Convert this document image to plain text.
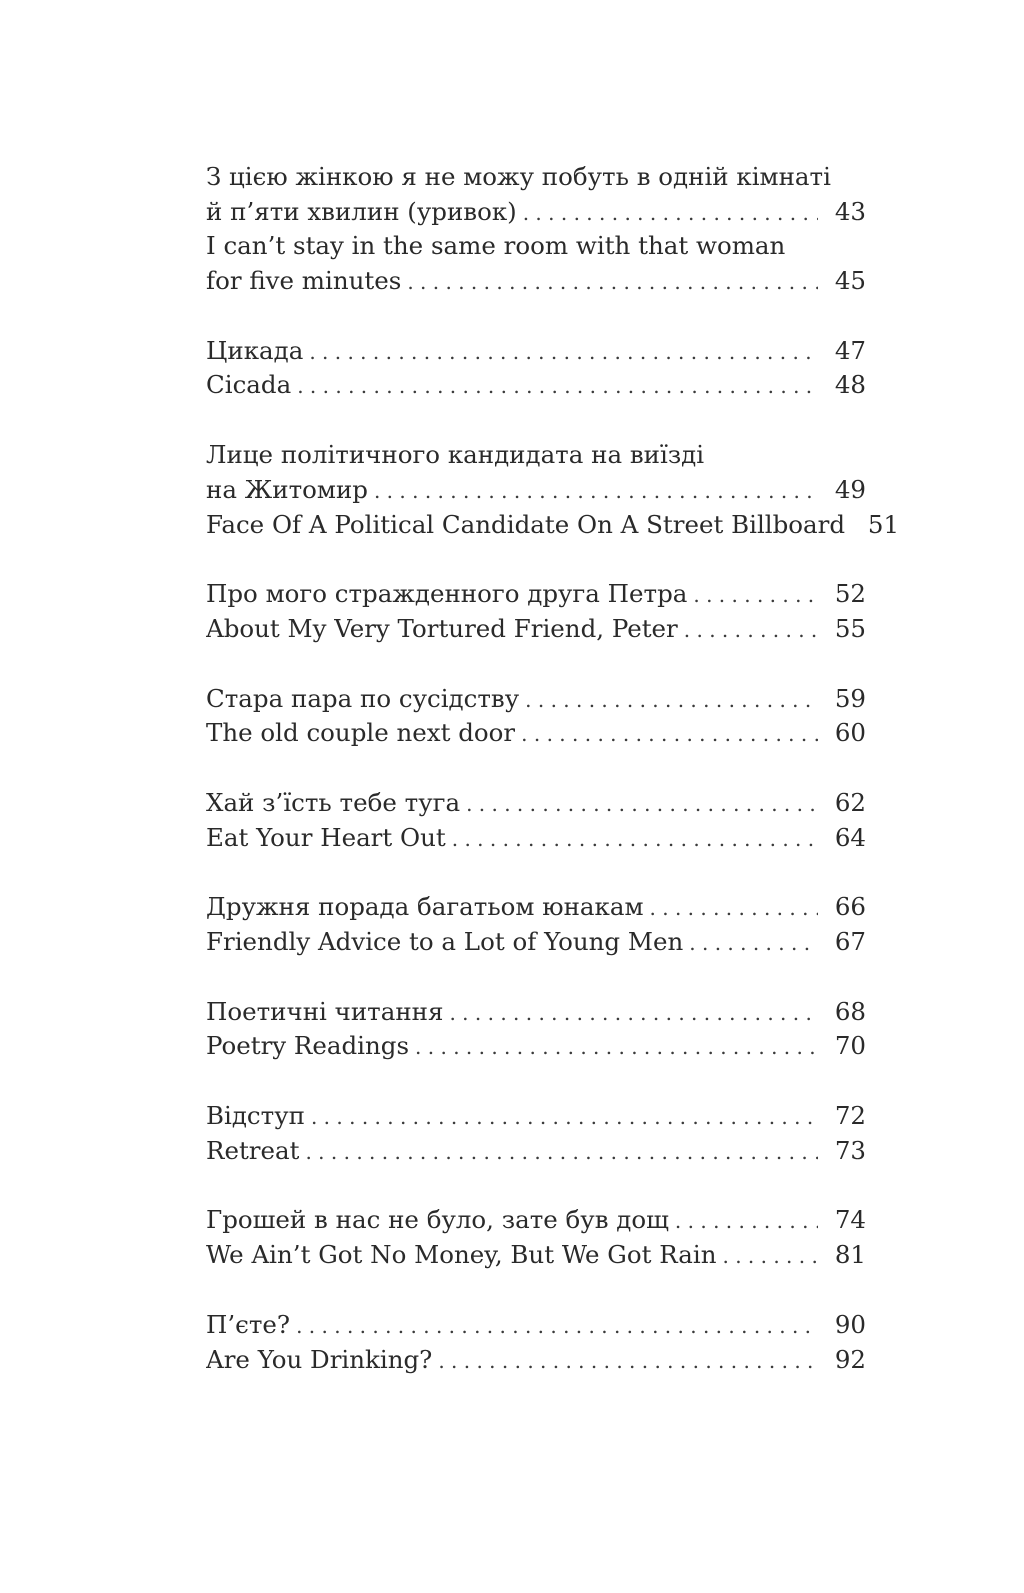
З цією жінкою я не можу побуть в одній кімнаті
й п’яти хвилин (уривок) . . .	43
I can’t stay in the same room with that woman
for five minutes . . .	45
Цикада . . .	47
Cicada . . .	48
Лице політичного кандидата на виїзді
на Житомир . . .	49
Face Of A Political Candidate On A Street Billboard 51
Про мого страждeнного друга Петра . . .	52
About My Very Tortured Friend, Peter . . .	55
Стара пара по сусідству . . .	59
The old couple next door . . .	60
Хай з’їсть тебе туга . . .	62
Eat Your Heart Out . . .	64
Дружня порада багатьом юнакам . . .	66
Friendly Advice to a Lot of Young Men . . .	67
Поетичні читання . . .	68
Poetry Readings . . .	70
Відступ . . .	72
Retreat . . .	73
Грошей в нас не було, зате був дощ . . .	74
We Ain’t Got No Money, But We Got Rain . . .	81
П’єте? . . .	90
Are You Drinking? . . .	92
